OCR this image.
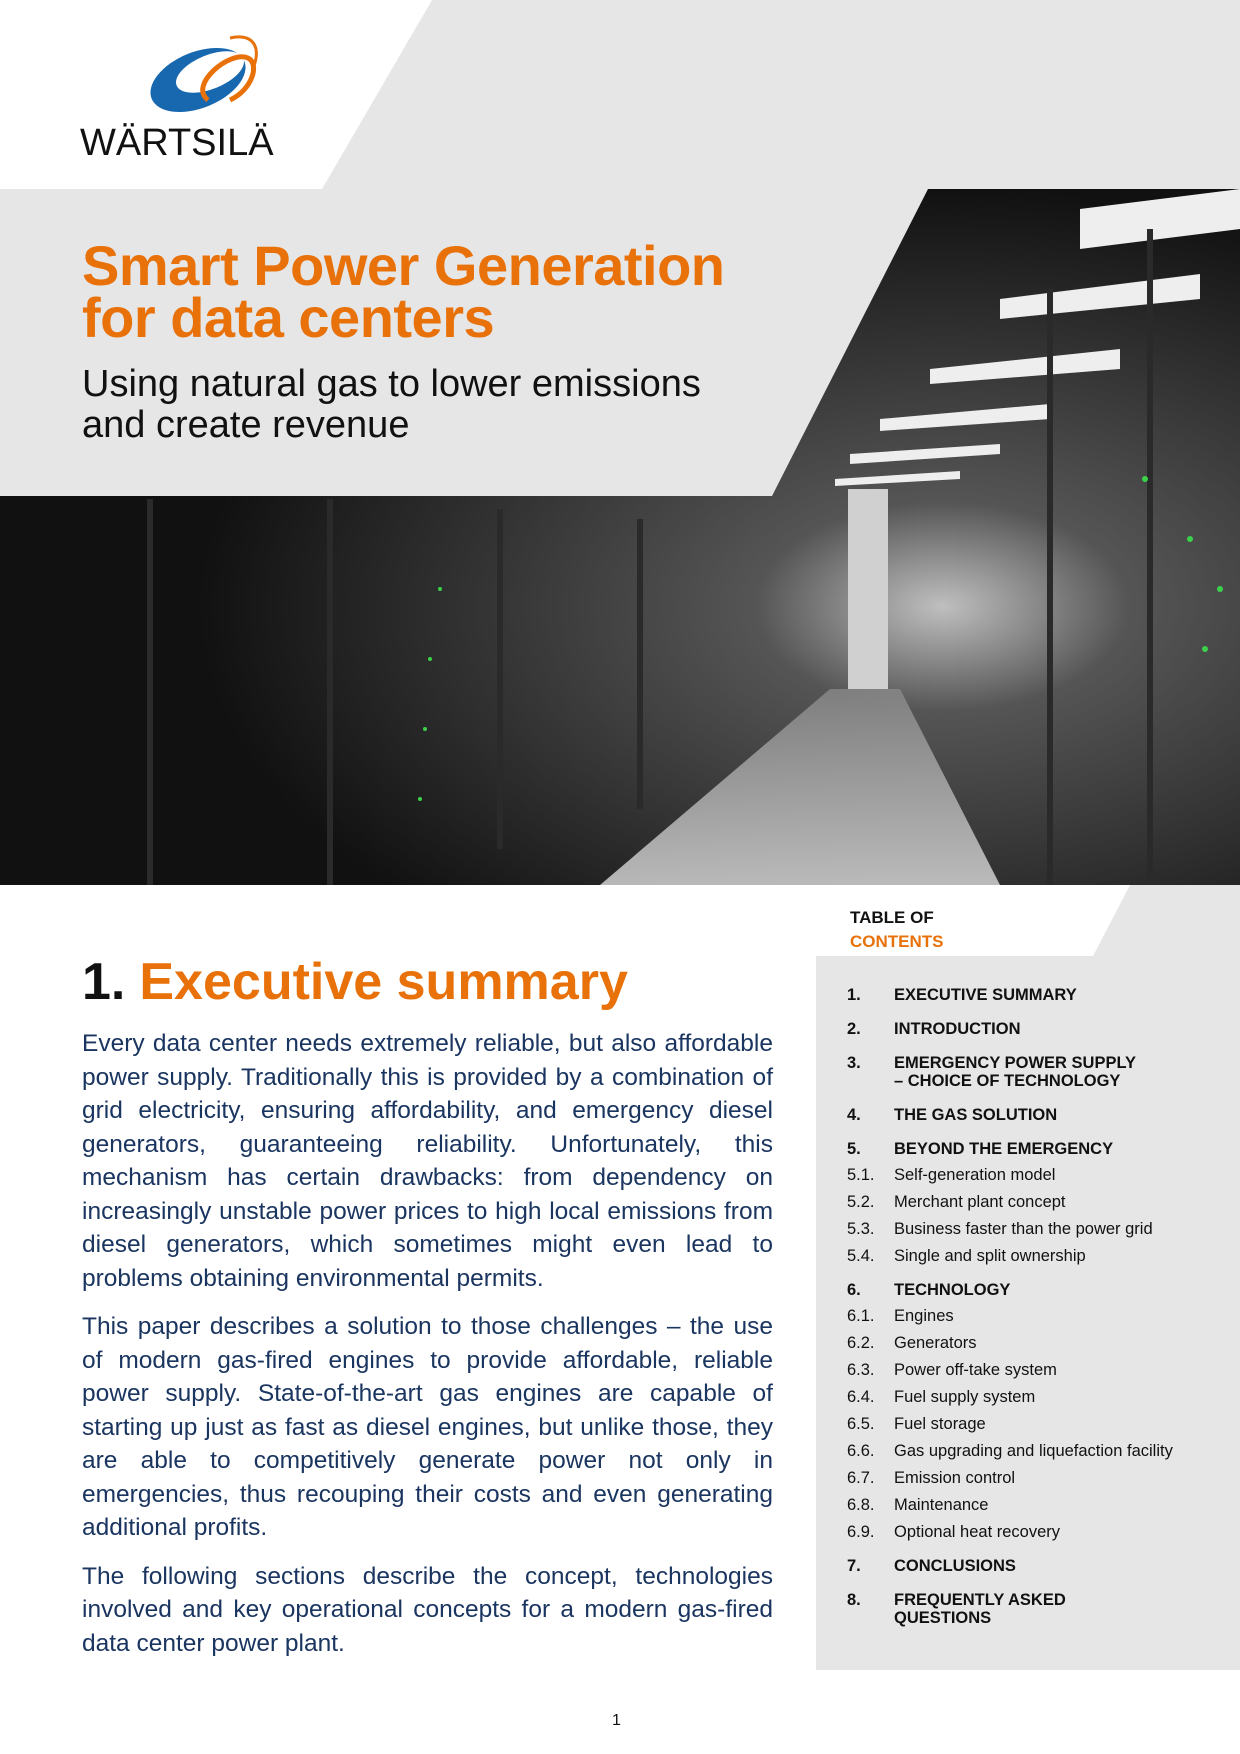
WÄRTSILÄ
Smart Power Generation
for data centers
Using natural gas to lower emissions
and create revenue
1. Executive summary

Every data center needs extremely reliable, but also affordable power supply. Traditionally this is provided by a combination of grid electricity, ensuring affordability, and emergency diesel generators, guaranteeing reliability. Unfortunately, this mechanism has certain drawbacks: from dependency on increasingly unstable power prices to high local emissions from diesel generators, which sometimes might even lead to problems obtaining environmental permits.

This paper describes a solution to those challenges – the use of modern gas-fired engines to provide affordable, reliable power supply. State-of-the-art gas engines are capable of starting up just as fast as diesel engines, but unlike those, they are able to competitively generate power not only in emergencies, thus recouping their costs and even generating additional profits.

The following sections describe the concept, technologies involved and key operational concepts for a modern gas-fired data center power plant.

TABLE OF
CONTENTS
1.	EXECUTIVE SUMMARY
2.	INTRODUCTION
3.	EMERGENCY POWER SUPPLY – CHOICE OF TECHNOLOGY
4.	THE GAS SOLUTION
5.	BEYOND THE EMERGENCY
5.1.	Self-generation model
5.2.	Merchant plant concept
5.3.	Business faster than the power grid
5.4.	Single and split ownership
6.	TECHNOLOGY
6.1.	Engines
6.2.	Generators
6.3.	Power off-take system
6.4.	Fuel supply system
6.5.	Fuel storage
6.6.	Gas upgrading and liquefaction facility
6.7.	Emission control
6.8.	Maintenance
6.9.	Optional heat recovery
7.	CONCLUSIONS
8.	FREQUENTLY ASKED QUESTIONS
1
